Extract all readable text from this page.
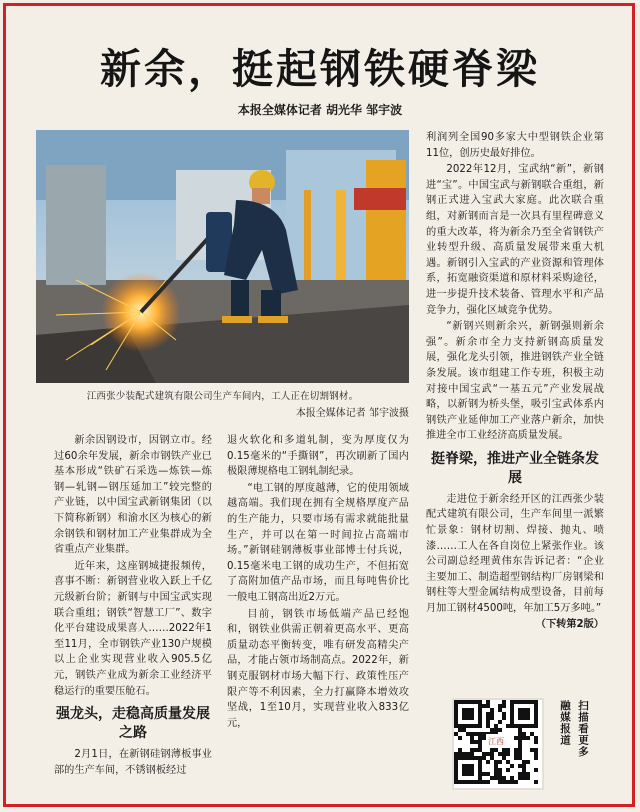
新余，挺起钢铁硬脊梁
本报全媒体记者 胡光华 邹宇波
江西张少装配式建筑有限公司生产车间内，工人正在切割钢材。
本报全媒体记者 邹宇波摄

新余因钢设市，因钢立市。经过60余年发展，新余市钢铁产业已基本形成“铁矿石采选—炼铁—炼钢—轧钢—钢压延加工”较完整的产业链，以中国宝武新钢集团（以下简称新钢）和渝水区为核心的新余钢铁和钢材加工产业集群成为全省重点产业集群。

近年来，这座钢城捷报频传，喜事不断：新钢营业收入跃上千亿元级新台阶；新钢与中国宝武实现联合重组；钢铁“智慧工厂”、数字化平台建设成果喜人……2022年1至11月，全市钢铁产业130户规模以上企业实现营业收入905.5亿元，钢铁产业成为新余工业经济平稳运行的重要压舱石。

强龙头，走稳高质量发展之路

2月1日，在新钢硅钢薄板事业部的生产车间，不锈钢板经过

退火软化和多道轧制，变为厚度仅为0.15毫米的“手撕钢”，再次刷新了国内极限薄规格电工钢轧制纪录。

“电工钢的厚度越薄，它的使用领域越高端。我们现在拥有全规格厚度产品的生产能力，只要市场有需求就能批量生产，并可以在第一时间拉占高端市场。”新钢硅钢薄板事业部博士付兵说，0.15毫米电工钢的成功生产，不但拓宽了高附加值产品市场，而且每吨售价比一般电工钢高出近2万元。

目前，钢铁市场低端产品已经饱和，钢铁业供需正朝着更高水平、更高质量动态平衡转变，唯有研发高精尖产品，才能占领市场制高点。2022年，新钢克服钢材市场大幅下行、政策性压产限产等不利因素，全力打赢降本增效攻坚战，1至10月，实现营业收入833亿元，

利润列全国90多家大中型钢铁企业第11位，创历史最好排位。

2022年12月，宝武纳“新”，新钢进“宝”。中国宝武与新钢联合重组，新钢正式进入宝武大家庭。此次联合重组，对新钢而言是一次具有里程碑意义的重大改革，将为新余乃至全省钢铁产业转型升级、高质量发展带来重大机遇。新钢引入宝武的产业资源和管理体系，拓宽融资渠道和原材料采购途径，进一步提升技术装备、管理水平和产品竞争力，强化区域竞争优势。

“新钢兴则新余兴，新钢强则新余强”。新余市全力支持新钢高质量发展，强化龙头引领，推进钢铁产业全链条发展。该市组建工作专班，积极主动对接中国宝武“一基五元”产业发展战略，以新钢为桥头堡，吸引宝武体系内钢铁产业延伸加工产业落户新余，加快推进全市工业经济高质量发展。

挺脊梁，推进产业全链条发展

走进位于新余经开区的江西张少装配式建筑有限公司，生产车间里一派繁忙景象：钢材切割、焊接、抛丸、喷漆……工人在各自岗位上紧张作业。该公司副总经理黄伟东告诉记者：“企业主要加工、制造超型钢结构厂房钢梁和钢柱等大型金属结构成型设备，目前每月加工钢材4500吨，年加工5万多吨。”

（下转第2版）
江西	扫描看更多
融媒报道
